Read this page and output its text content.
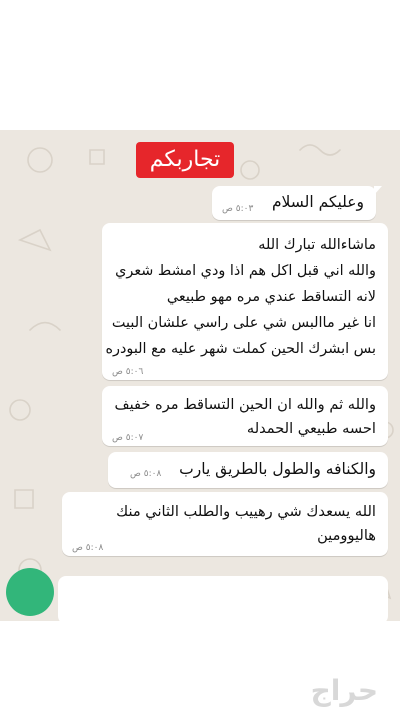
تجاربكم
وعليكم السلام
٥:٠٣ ص
ماشاءالله تبارك الله
والله اني قبل اكل هم اذا ودي امشط شعري
لانه التساقط عندي مره مهو طبيعي
انا غير ماالبس شي على راسي علشان البيت
بس ابشرك الحين كملت شهر عليه مع البودره
٥:٠٦ ص
والله ثم والله ان الحين التساقط مره خفيف
احسه طبيعي الحمدله
٥:٠٧ ص
والكنافه والطول بالطريق يارب
٥:٠٨ ص
الله يسعدك شي رهييب والطلب الثاني منك
هاليوومين
٥:٠٨ ص
حراج
